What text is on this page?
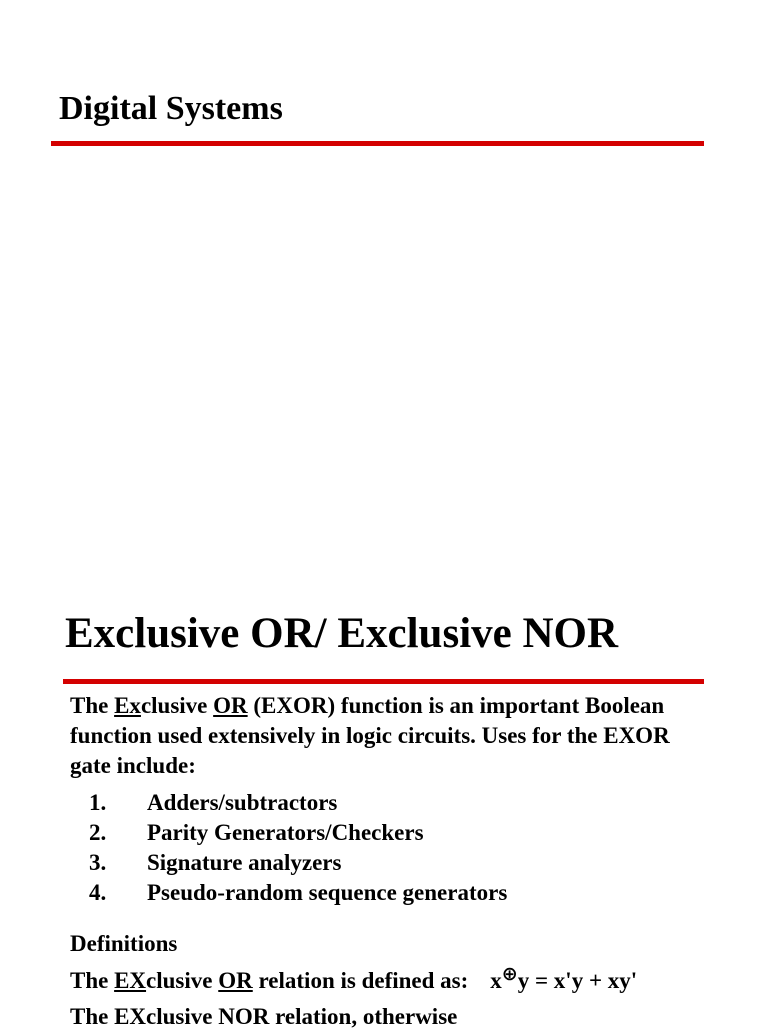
Digital Systems
Exclusive OR/ Exclusive NOR

The Exclusive OR (EXOR) function is an important Boolean function used extensively in logic circuits. Uses for the EXOR gate include:

1.	Adders/subtractors
2.	Parity Generators/Checkers
3.	Signature analyzers
4.	Pseudo-random sequence generators
Definitions
The EXclusive OR relation is defined as: x⊕y = x'y + xy'
The EXclusive NOR relation, otherwise
